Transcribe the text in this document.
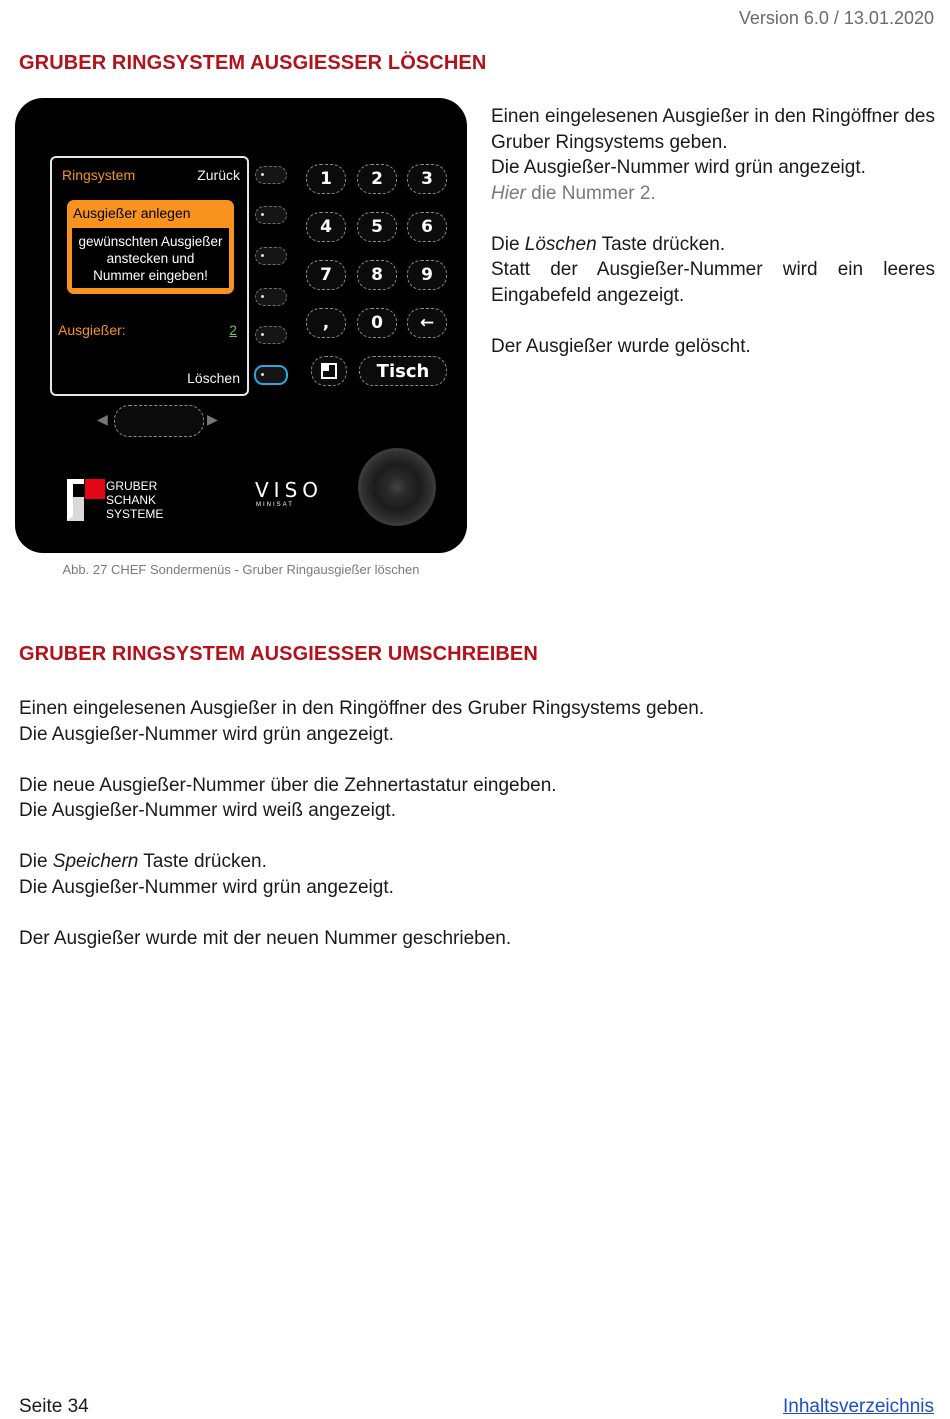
Version 6.0 / 13.01.2020
GRUBER RINGSYSTEM AUSGIESSER LÖSCHEN
Ringsystem	Zurück
Ausgießer anlegen
gewünschten Ausgießer
anstecken und
Nummer eingeben!
Ausgießer:	2
Löschen
1	2	3
4	5	6
7	8	9
,	0	←
Tisch
◀	▶
GRUBER
SCHANK
SYSTEME
VISO
MINISAT
Abb. 27 CHEF Sondermenüs - Gruber Ringausgießer löschen

Einen eingelesenen Ausgießer in den Ringöffner des Gruber Ringsystems geben.

Die Ausgießer-Nummer wird grün angezeigt.

Hier die Nummer 2.

Die Löschen Taste drücken.

Statt der Ausgießer-Nummer wird ein leeres Eingabefeld angezeigt.

Der Ausgießer wurde gelöscht.

GRUBER RINGSYSTEM AUSGIESSER UMSCHREIBEN

Einen eingelesenen Ausgießer in den Ringöffner des Gruber Ringsystems geben.

Die Ausgießer-Nummer wird grün angezeigt.

Die neue Ausgießer-Nummer über die Zehnertastatur eingeben.

Die Ausgießer-Nummer wird weiß angezeigt.

Die Speichern Taste drücken.

Die Ausgießer-Nummer wird grün angezeigt.

Der Ausgießer wurde mit der neuen Nummer geschrieben.

Seite 34	Inhaltsverzeichnis
